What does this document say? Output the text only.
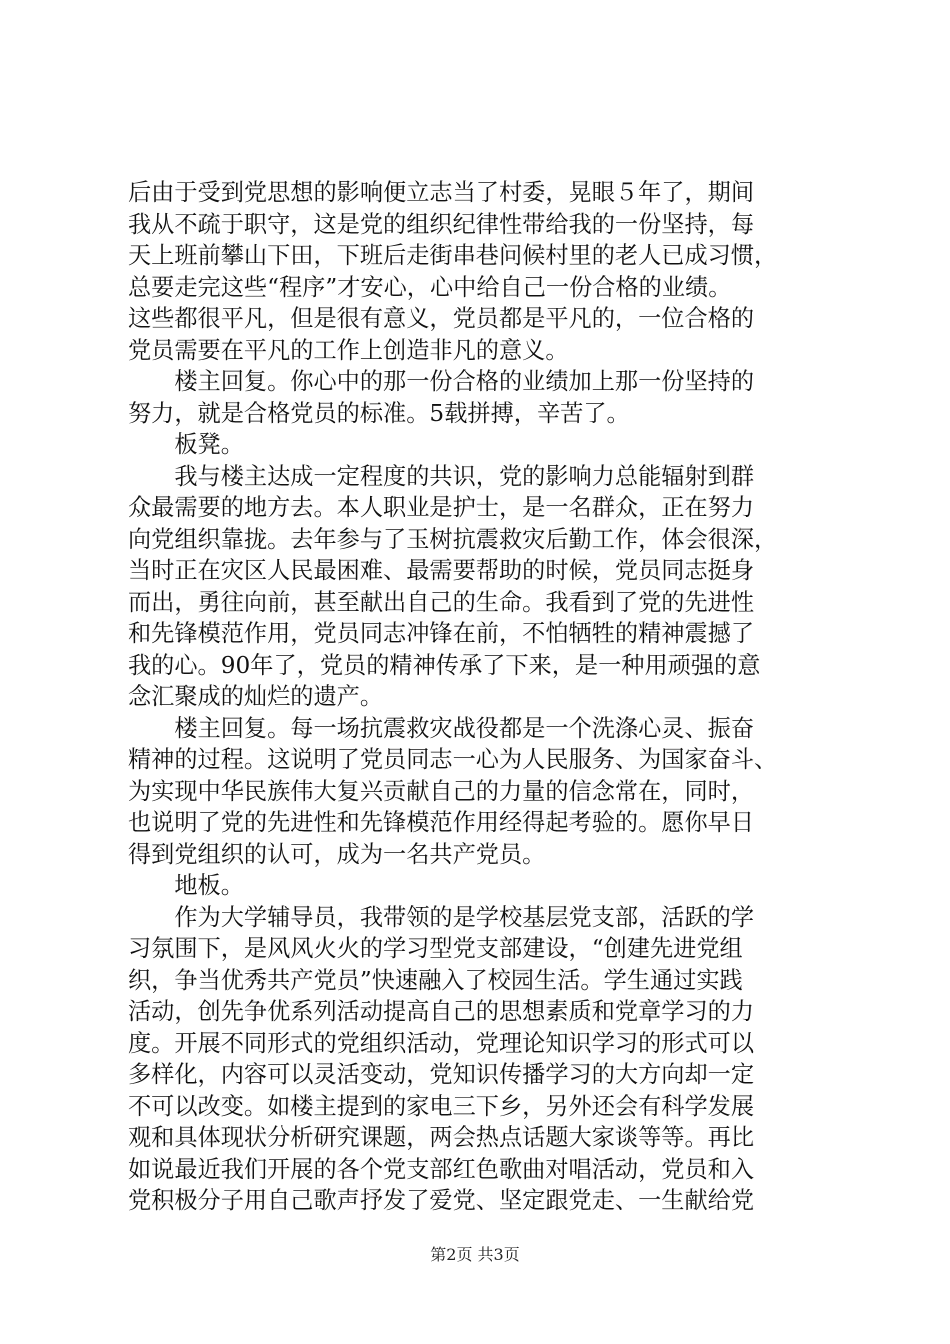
后由于受到党思想的影响便立志当了村委，晃眼５年了，期间
我从不疏于职守，这是党的组织纪律性带给我的一份坚持，每
天上班前攀山下田，下班后走街串巷问候村里的老人已成习惯，
总要走完这些“程序”才安心，心中给自己一份合格的业绩。
这些都很平凡，但是很有意义，党员都是平凡的，一位合格的
党员需要在平凡的工作上创造非凡的意义。
　　楼主回复。你心中的那一份合格的业绩加上那一份坚持的
努力，就是合格党员的标准。5载拼搏，辛苦了。
　　板凳。
　　我与楼主达成一定程度的共识，党的影响力总能辐射到群
众最需要的地方去。本人职业是护士，是一名群众，正在努力
向党组织靠拢。去年参与了玉树抗震救灾后勤工作，体会很深，
当时正在灾区人民最困难、最需要帮助的时候，党员同志挺身
而出，勇往向前，甚至献出自己的生命。我看到了党的先进性
和先锋模范作用，党员同志冲锋在前，不怕牺牲的精神震撼了
我的心。90年了，党员的精神传承了下来，是一种用顽强的意
念汇聚成的灿烂的遗产。
　　楼主回复。每一场抗震救灾战役都是一个洗涤心灵、振奋
精神的过程。这说明了党员同志一心为人民服务、为国家奋斗、
为实现中华民族伟大复兴贡献自己的力量的信念常在，同时，
也说明了党的先进性和先锋模范作用经得起考验的。愿你早日
得到党组织的认可，成为一名共产党员。
　　地板。
　　作为大学辅导员，我带领的是学校基层党支部，活跃的学
习氛围下，是风风火火的学习型党支部建设，“创建先进党组
织，争当优秀共产党员”快速融入了校园生活。学生通过实践
活动，创先争优系列活动提高自己的思想素质和党章学习的力
度。开展不同形式的党组织活动，党理论知识学习的形式可以
多样化，内容可以灵活变动，党知识传播学习的大方向却一定
不可以改变。如楼主提到的家电三下乡，另外还会有科学发展
观和具体现状分析研究课题，两会热点话题大家谈等等。再比
如说最近我们开展的各个党支部红色歌曲对唱活动，党员和入
党积极分子用自己歌声抒发了爱党、坚定跟党走、一生献给党
第2页 共3页
